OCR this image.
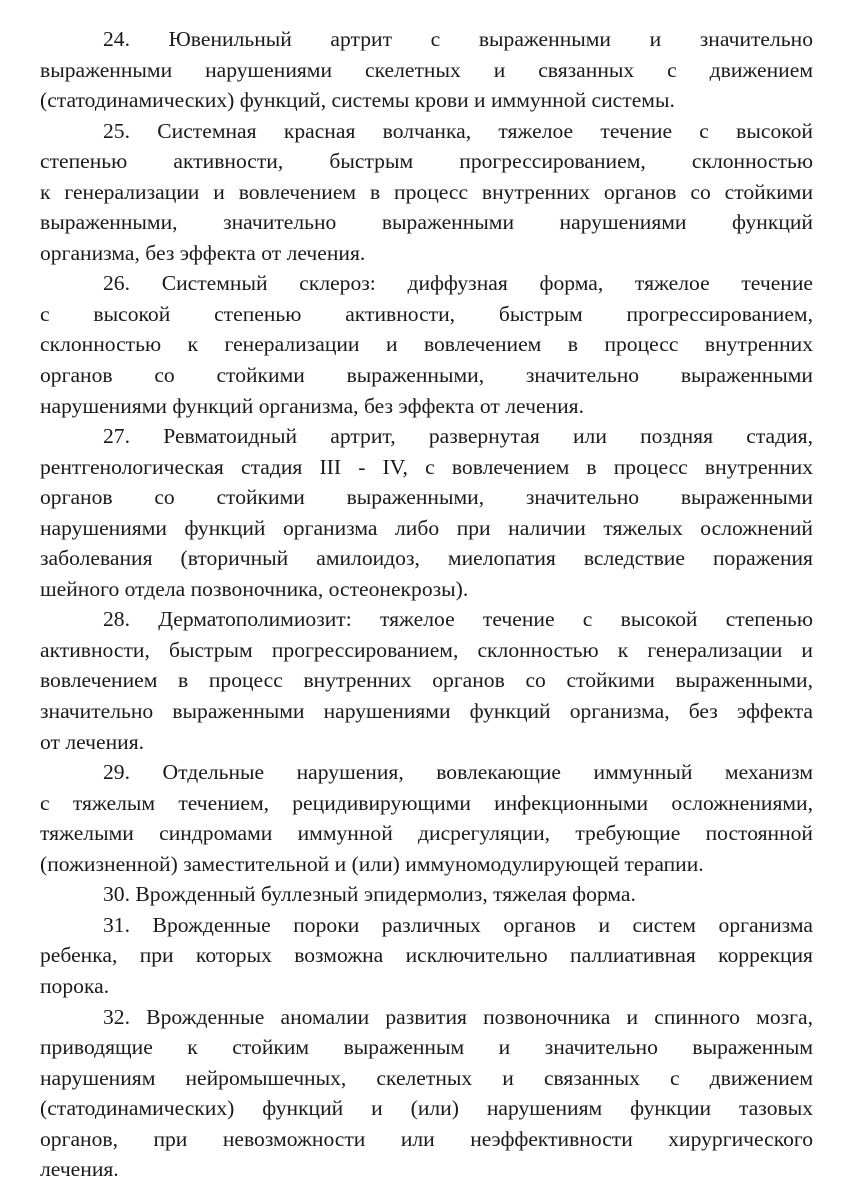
24. Ювенильный артрит с выраженными и значительно
выраженными нарушениями скелетных и связанных с движением
(статодинамических) функций, системы крови и иммунной системы.
25. Системная красная волчанка, тяжелое течение с высокой
степенью активности, быстрым прогрессированием, склонностью
к генерализации и вовлечением в процесс внутренних органов со стойкими
выраженными, значительно выраженными нарушениями функций
организма, без эффекта от лечения.
26. Системный склероз: диффузная форма, тяжелое течение
с высокой степенью активности, быстрым прогрессированием,
склонностью к генерализации и вовлечением в процесс внутренних
органов со стойкими выраженными, значительно выраженными
нарушениями функций организма, без эффекта от лечения.
27. Ревматоидный артрит, развернутая или поздняя стадия,
рентгенологическая стадия III - IV, с вовлечением в процесс внутренних
органов со стойкими выраженными, значительно выраженными
нарушениями функций организма либо при наличии тяжелых осложнений
заболевания (вторичный амилоидоз, миелопатия вследствие поражения
шейного отдела позвоночника, остеонекрозы).
28. Дерматополимиозит: тяжелое течение с высокой степенью
активности, быстрым прогрессированием, склонностью к генерализации и
вовлечением в процесс внутренних органов со стойкими выраженными,
значительно выраженными нарушениями функций организма, без эффекта
от лечения.
29. Отдельные нарушения, вовлекающие иммунный механизм
с тяжелым течением, рецидивирующими инфекционными осложнениями,
тяжелыми синдромами иммунной дисрегуляции, требующие постоянной
(пожизненной) заместительной и (или) иммуномодулирующей терапии.
30. Врожденный буллезный эпидермолиз, тяжелая форма.
31. Врожденные пороки различных органов и систем организма
ребенка, при которых возможна исключительно паллиативная коррекция
порока.
32. Врожденные аномалии развития позвоночника и спинного мозга,
приводящие к стойким выраженным и значительно выраженным
нарушениям нейромышечных, скелетных и связанных с движением
(статодинамических) функций и (или) нарушениям функции тазовых
органов, при невозможности или неэффективности хирургического
лечения.
